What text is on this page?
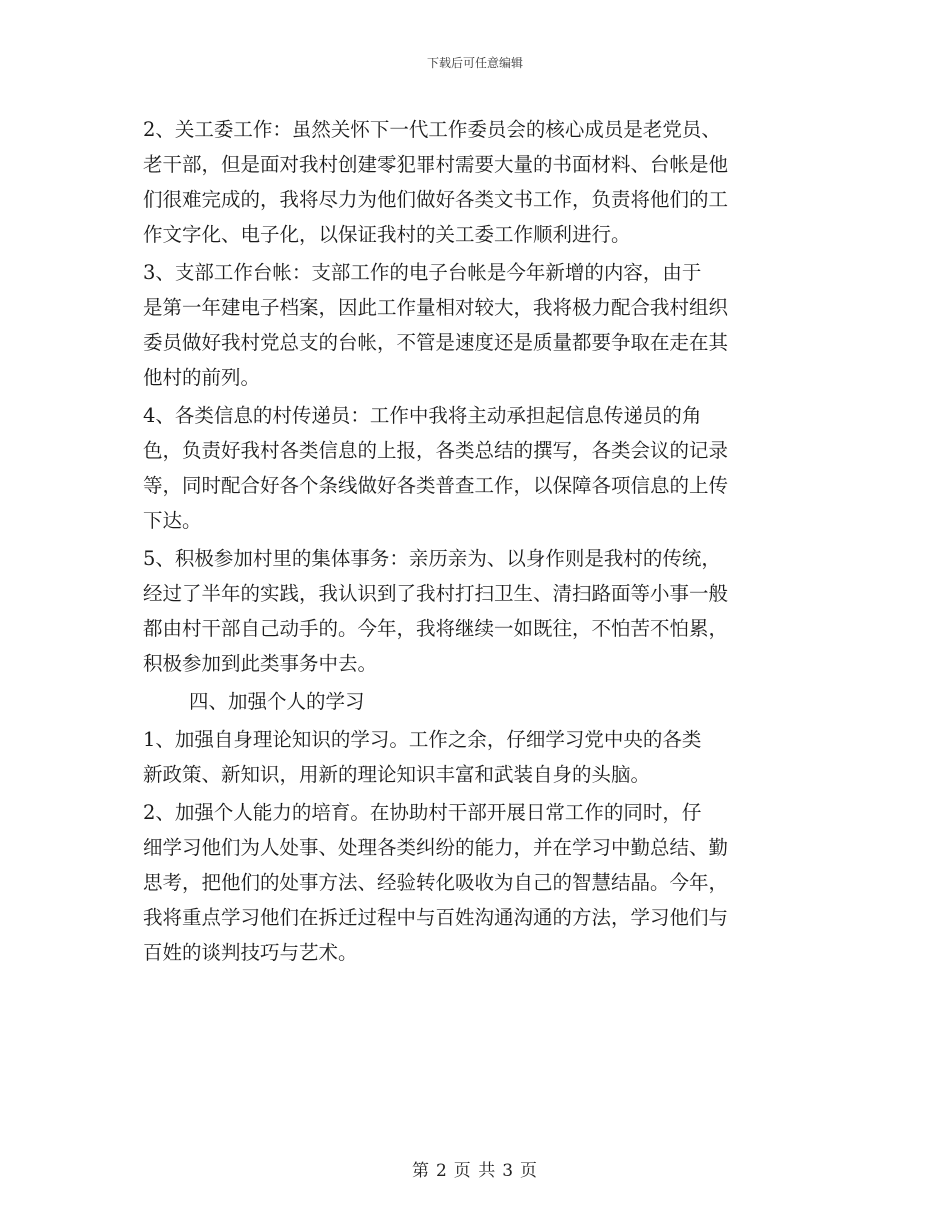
下载后可任意编辑

2、关工委工作：虽然关怀下一代工作委员会的核心成员是老党员、
老干部，但是面对我村创建零犯罪村需要大量的书面材料、台帐是他
们很难完成的，我将尽力为他们做好各类文书工作，负责将他们的工
作文字化、电子化，以保证我村的关工委工作顺利进行。

3、支部工作台帐：支部工作的电子台帐是今年新增的内容，由于
是第一年建电子档案，因此工作量相对较大，我将极力配合我村组织
委员做好我村党总支的台帐，不管是速度还是质量都要争取在走在其
他村的前列。

4、各类信息的村传递员：工作中我将主动承担起信息传递员的角
色，负责好我村各类信息的上报，各类总结的撰写，各类会议的记录
等，同时配合好各个条线做好各类普查工作，以保障各项信息的上传
下达。

5、积极参加村里的集体事务：亲历亲为、以身作则是我村的传统，
经过了半年的实践，我认识到了我村打扫卫生、清扫路面等小事一般
都由村干部自己动手的。今年，我将继续一如既往，不怕苦不怕累，
积极参加到此类事务中去。

四、加强个人的学习

1、加强自身理论知识的学习。工作之余，仔细学习党中央的各类
新政策、新知识，用新的理论知识丰富和武装自身的头脑。

2、加强个人能力的培育。在协助村干部开展日常工作的同时，仔
细学习他们为人处事、处理各类纠纷的能力，并在学习中勤总结、勤
思考，把他们的处事方法、经验转化吸收为自己的智慧结晶。今年，
我将重点学习他们在拆迁过程中与百姓沟通沟通的方法，学习他们与
百姓的谈判技巧与艺术。

第 2 页 共 3 页
